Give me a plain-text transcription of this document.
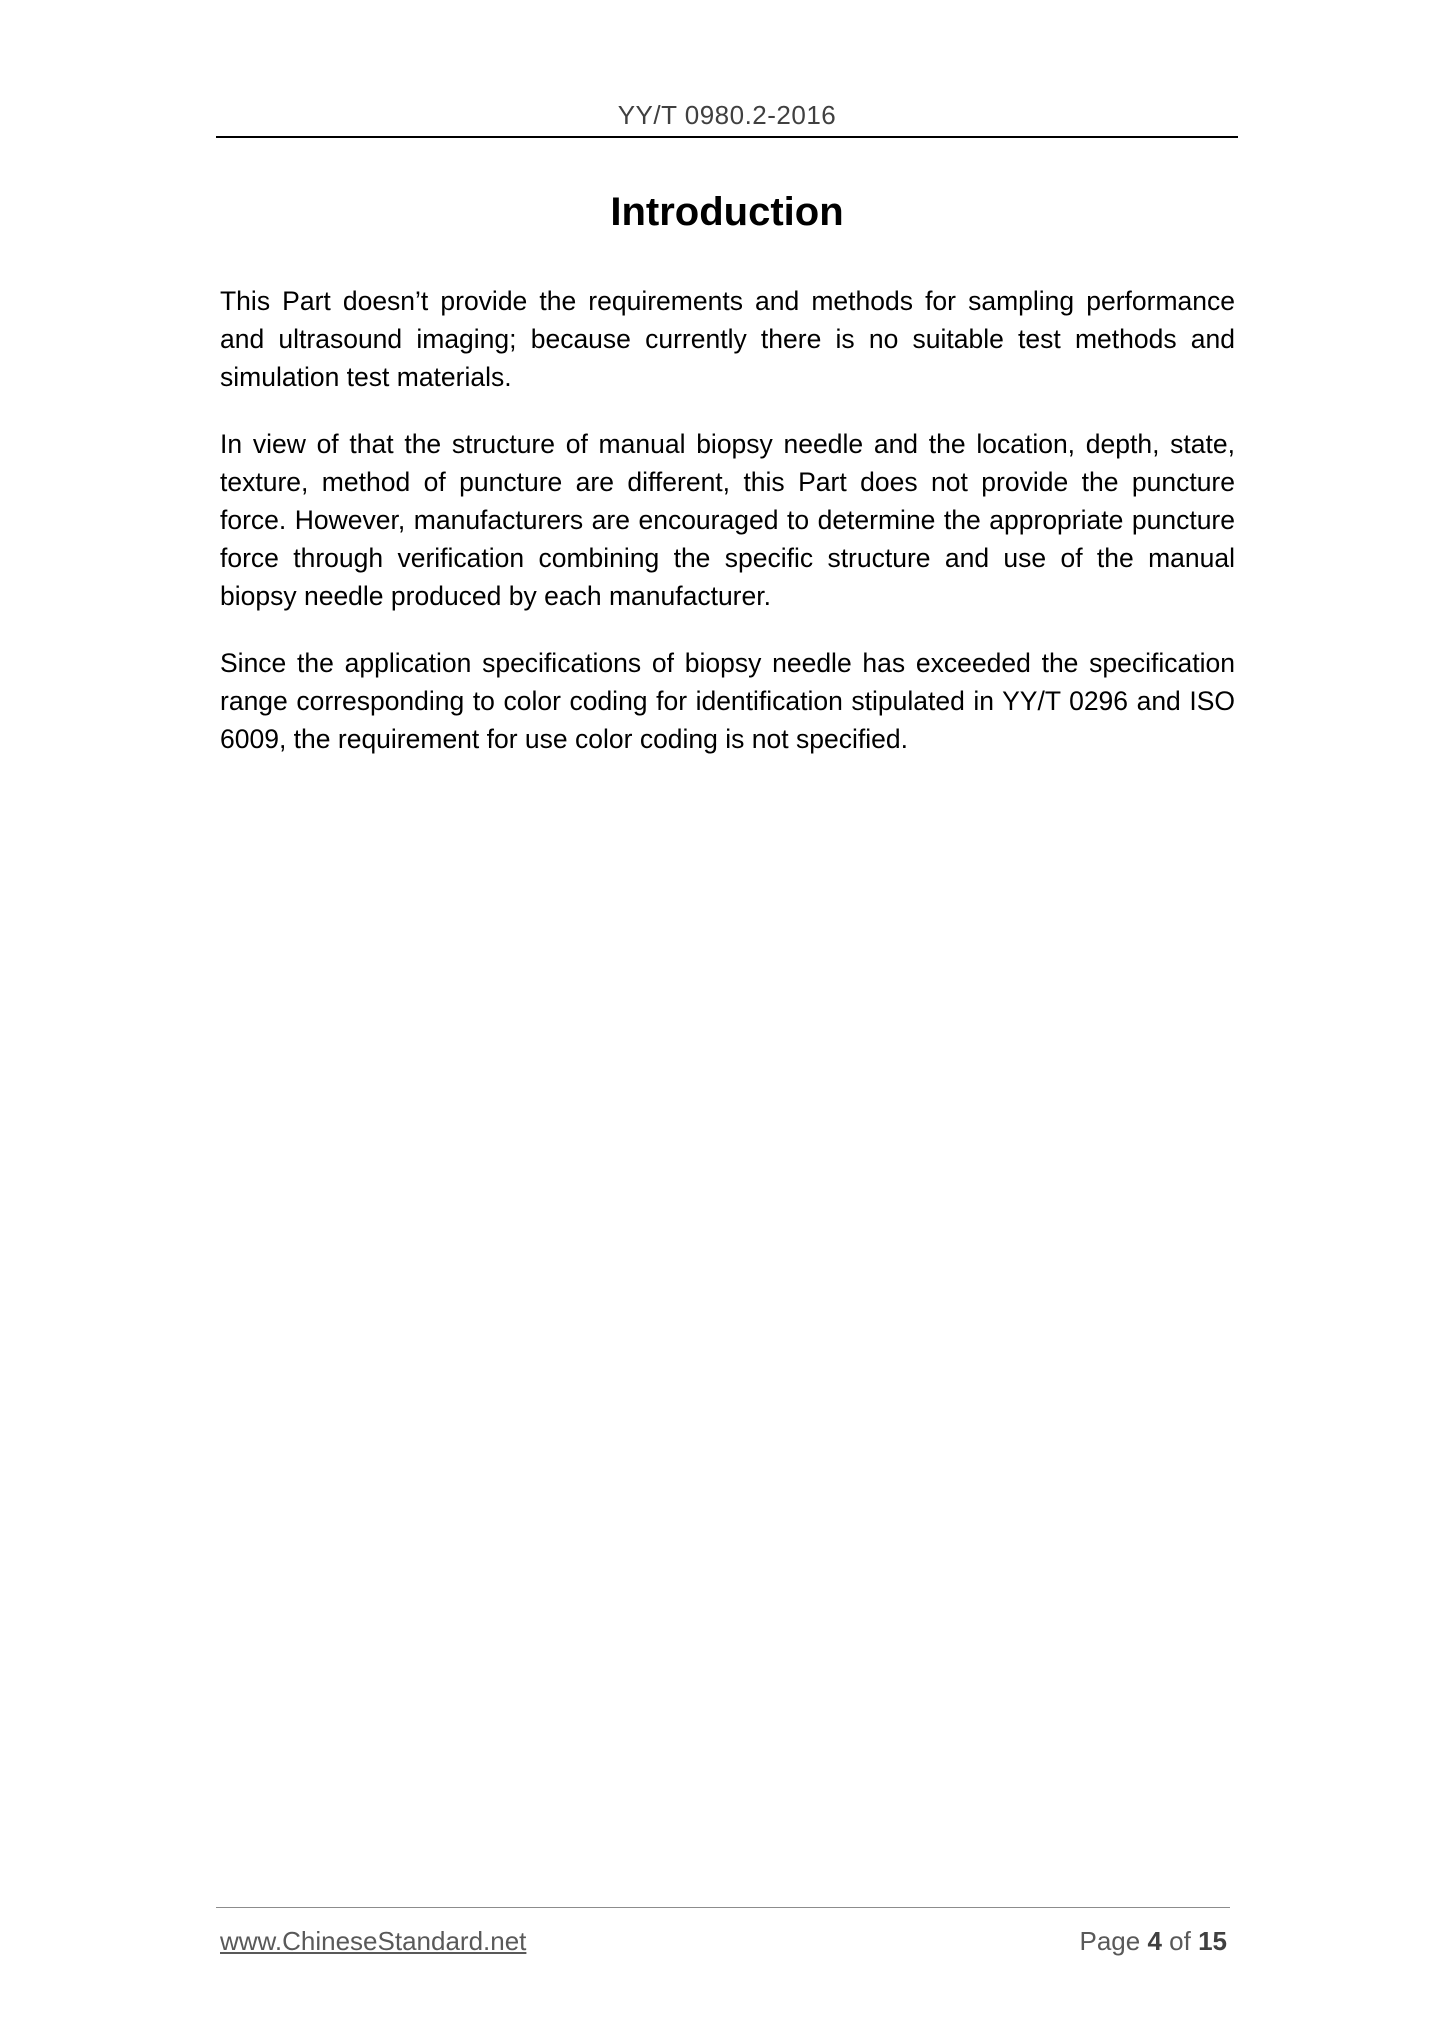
YY/T 0980.2-2016
Introduction

This Part doesn’t provide the requirements and methods for sampling performance and ultrasound imaging; because currently there is no suitable test methods and simulation test materials.

In view of that the structure of manual biopsy needle and the location, depth, state, texture, method of puncture are different, this Part does not provide the puncture force. However, manufacturers are encouraged to determine the appropriate puncture force through verification combining the specific structure and use of the manual biopsy needle produced by each manufacturer.

Since the application specifications of biopsy needle has exceeded the specification range corresponding to color coding for identification stipulated in YY/T 0296 and ISO 6009, the requirement for use color coding is not specified.

www.ChineseStandard.net	Page 4 of 15
